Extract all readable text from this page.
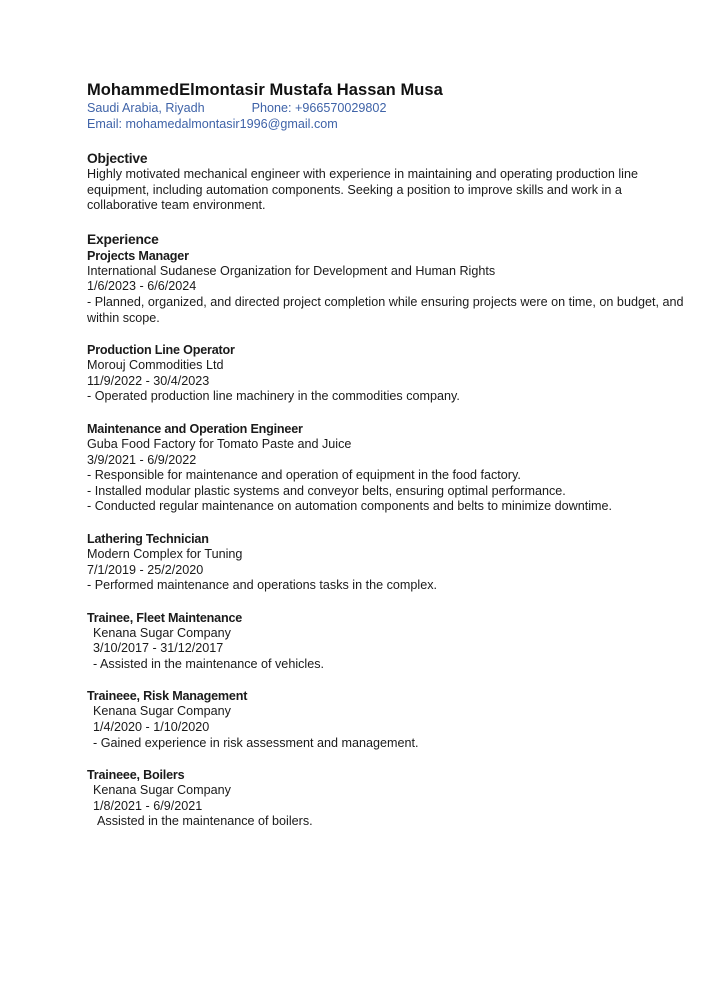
MohammedElmontasir Mustafa Hassan Musa
Saudi Arabia, Riyadh	Phone: +966570029802
Email: mohamedalmontasir1996@gmail.com
Objective
Highly motivated mechanical engineer with experience in maintaining and operating production line equipment, including automation components. Seeking a position to improve skills and work in a collaborative team environment.
Experience
Projects Manager
International Sudanese Organization for Development and Human Rights
1/6/2023 - 6/6/2024
- Planned, organized, and directed project completion while ensuring projects were on time, on budget, and within scope.
Production Line Operator
Morouj Commodities Ltd
11/9/2022 - 30/4/2023
- Operated production line machinery in the commodities company.
Maintenance and Operation Engineer
Guba Food Factory for Tomato Paste and Juice
3/9/2021 - 6/9/2022
- Responsible for maintenance and operation of equipment in the food factory.
- Installed modular plastic systems and conveyor belts, ensuring optimal performance.
- Conducted regular maintenance on automation components and belts to minimize downtime.
Lathering Technician
Modern Complex for Tuning
7/1/2019 - 25/2/2020
- Performed maintenance and operations tasks in the complex.
Trainee, Fleet Maintenance
Kenana Sugar Company
3/10/2017 - 31/12/2017
- Assisted in the maintenance of vehicles.
Traineee, Risk Management
Kenana Sugar Company
1/4/2020 - 1/10/2020
- Gained experience in risk assessment and management.
Traineee, Boilers
Kenana Sugar Company
1/8/2021 - 6/9/2021
Assisted in the maintenance of boilers.
